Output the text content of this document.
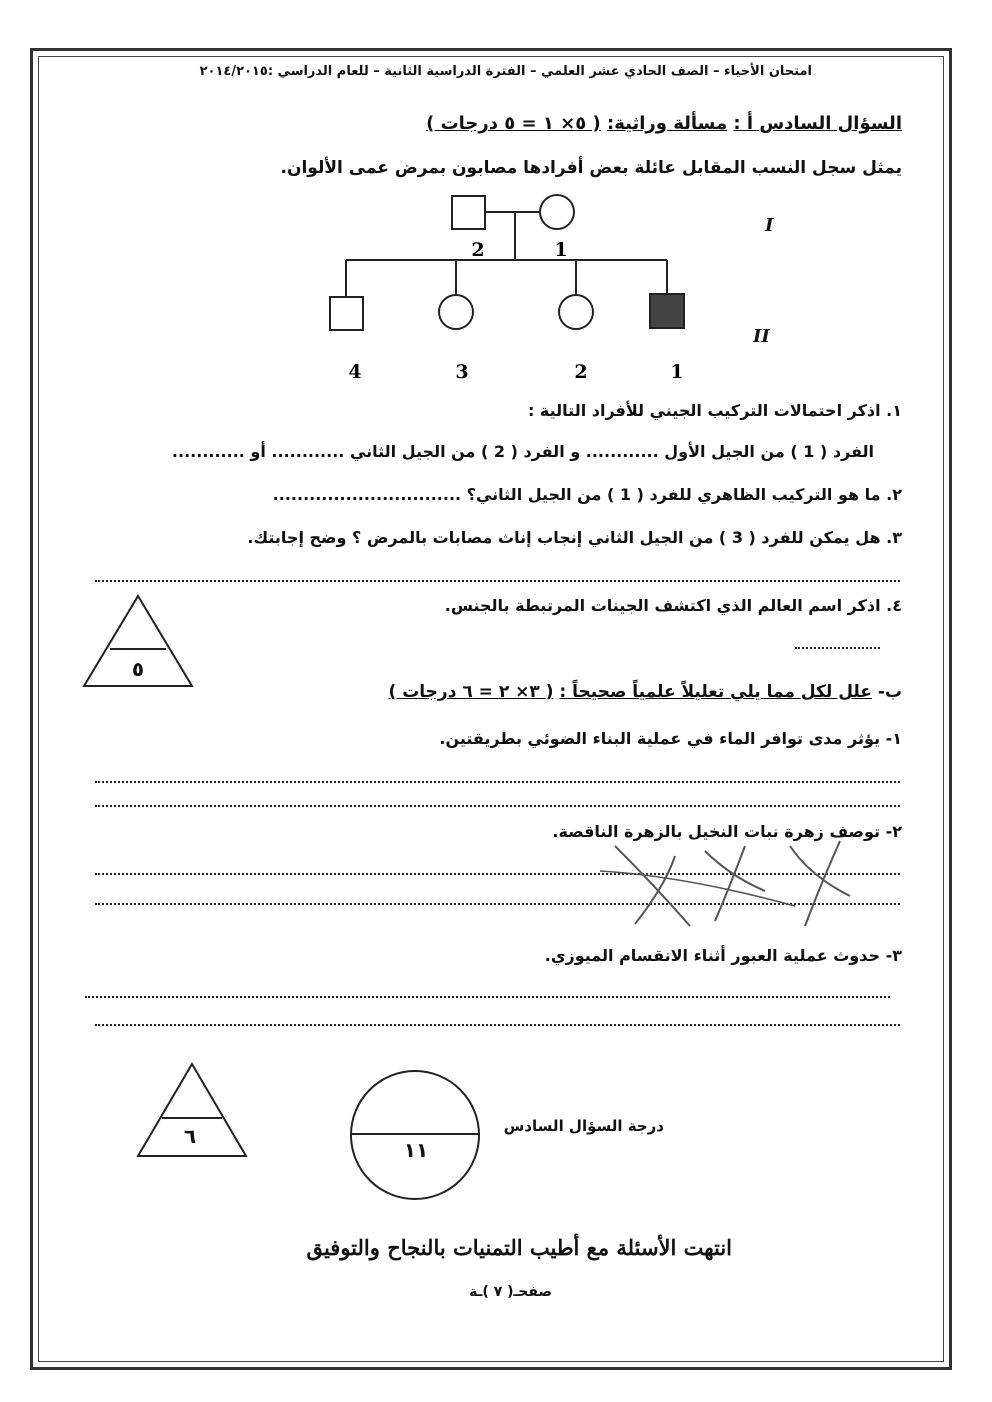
امتحان الأحياء – الصف الحادي عشر العلمي – الفترة الدراسية الثانية – للعام الدراسي :٢٠١٤/٢٠١٥
السؤال السادس أ : مسألة وراثية: ( ٥× ١ = ٥ درجات )
يمثل سجل النسب المقابل عائلة بعض أفرادها مصابون بمرض عمى الألوان.
2	1
4	3	2	1
I
II
١. اذكر احتمالات التركيب الجيني للأفراد التالية :
الفرد ( 1 ) من الجيل الأول ............ و الفرد ( 2 ) من الجيل الثاني ............ أو ............
٢. ما هو التركيب الظاهري للفرد ( 1 ) من الجيل الثاني؟ ...............................
٣. هل يمكن للفرد ( 3 ) من الجيل الثاني إنجاب إناث مصابات بالمرض ؟ وضح إجابتك.
٤. اذكر اسم العالم الذي اكتشف الجينات المرتبطة بالجنس.
٥
ب- علل لكل مما يلي تعليلاً علمياً صحيحاً : ( ٣× ٢ = ٦ درجات )
١- يؤثر مدى توافر الماء في عملية البناء الضوئي بطريقتين.
٢- توصف زهرة نبات النخيل بالزهرة الناقصة.
٣- حدوث عملية العبور أثناء الانقسام الميوزي.
٦
١١
درجة السؤال السادس
انتهت الأسئلة مع أطيب التمنيات بالنجاح والتوفيق
صفحـ( ٧ )ـة
